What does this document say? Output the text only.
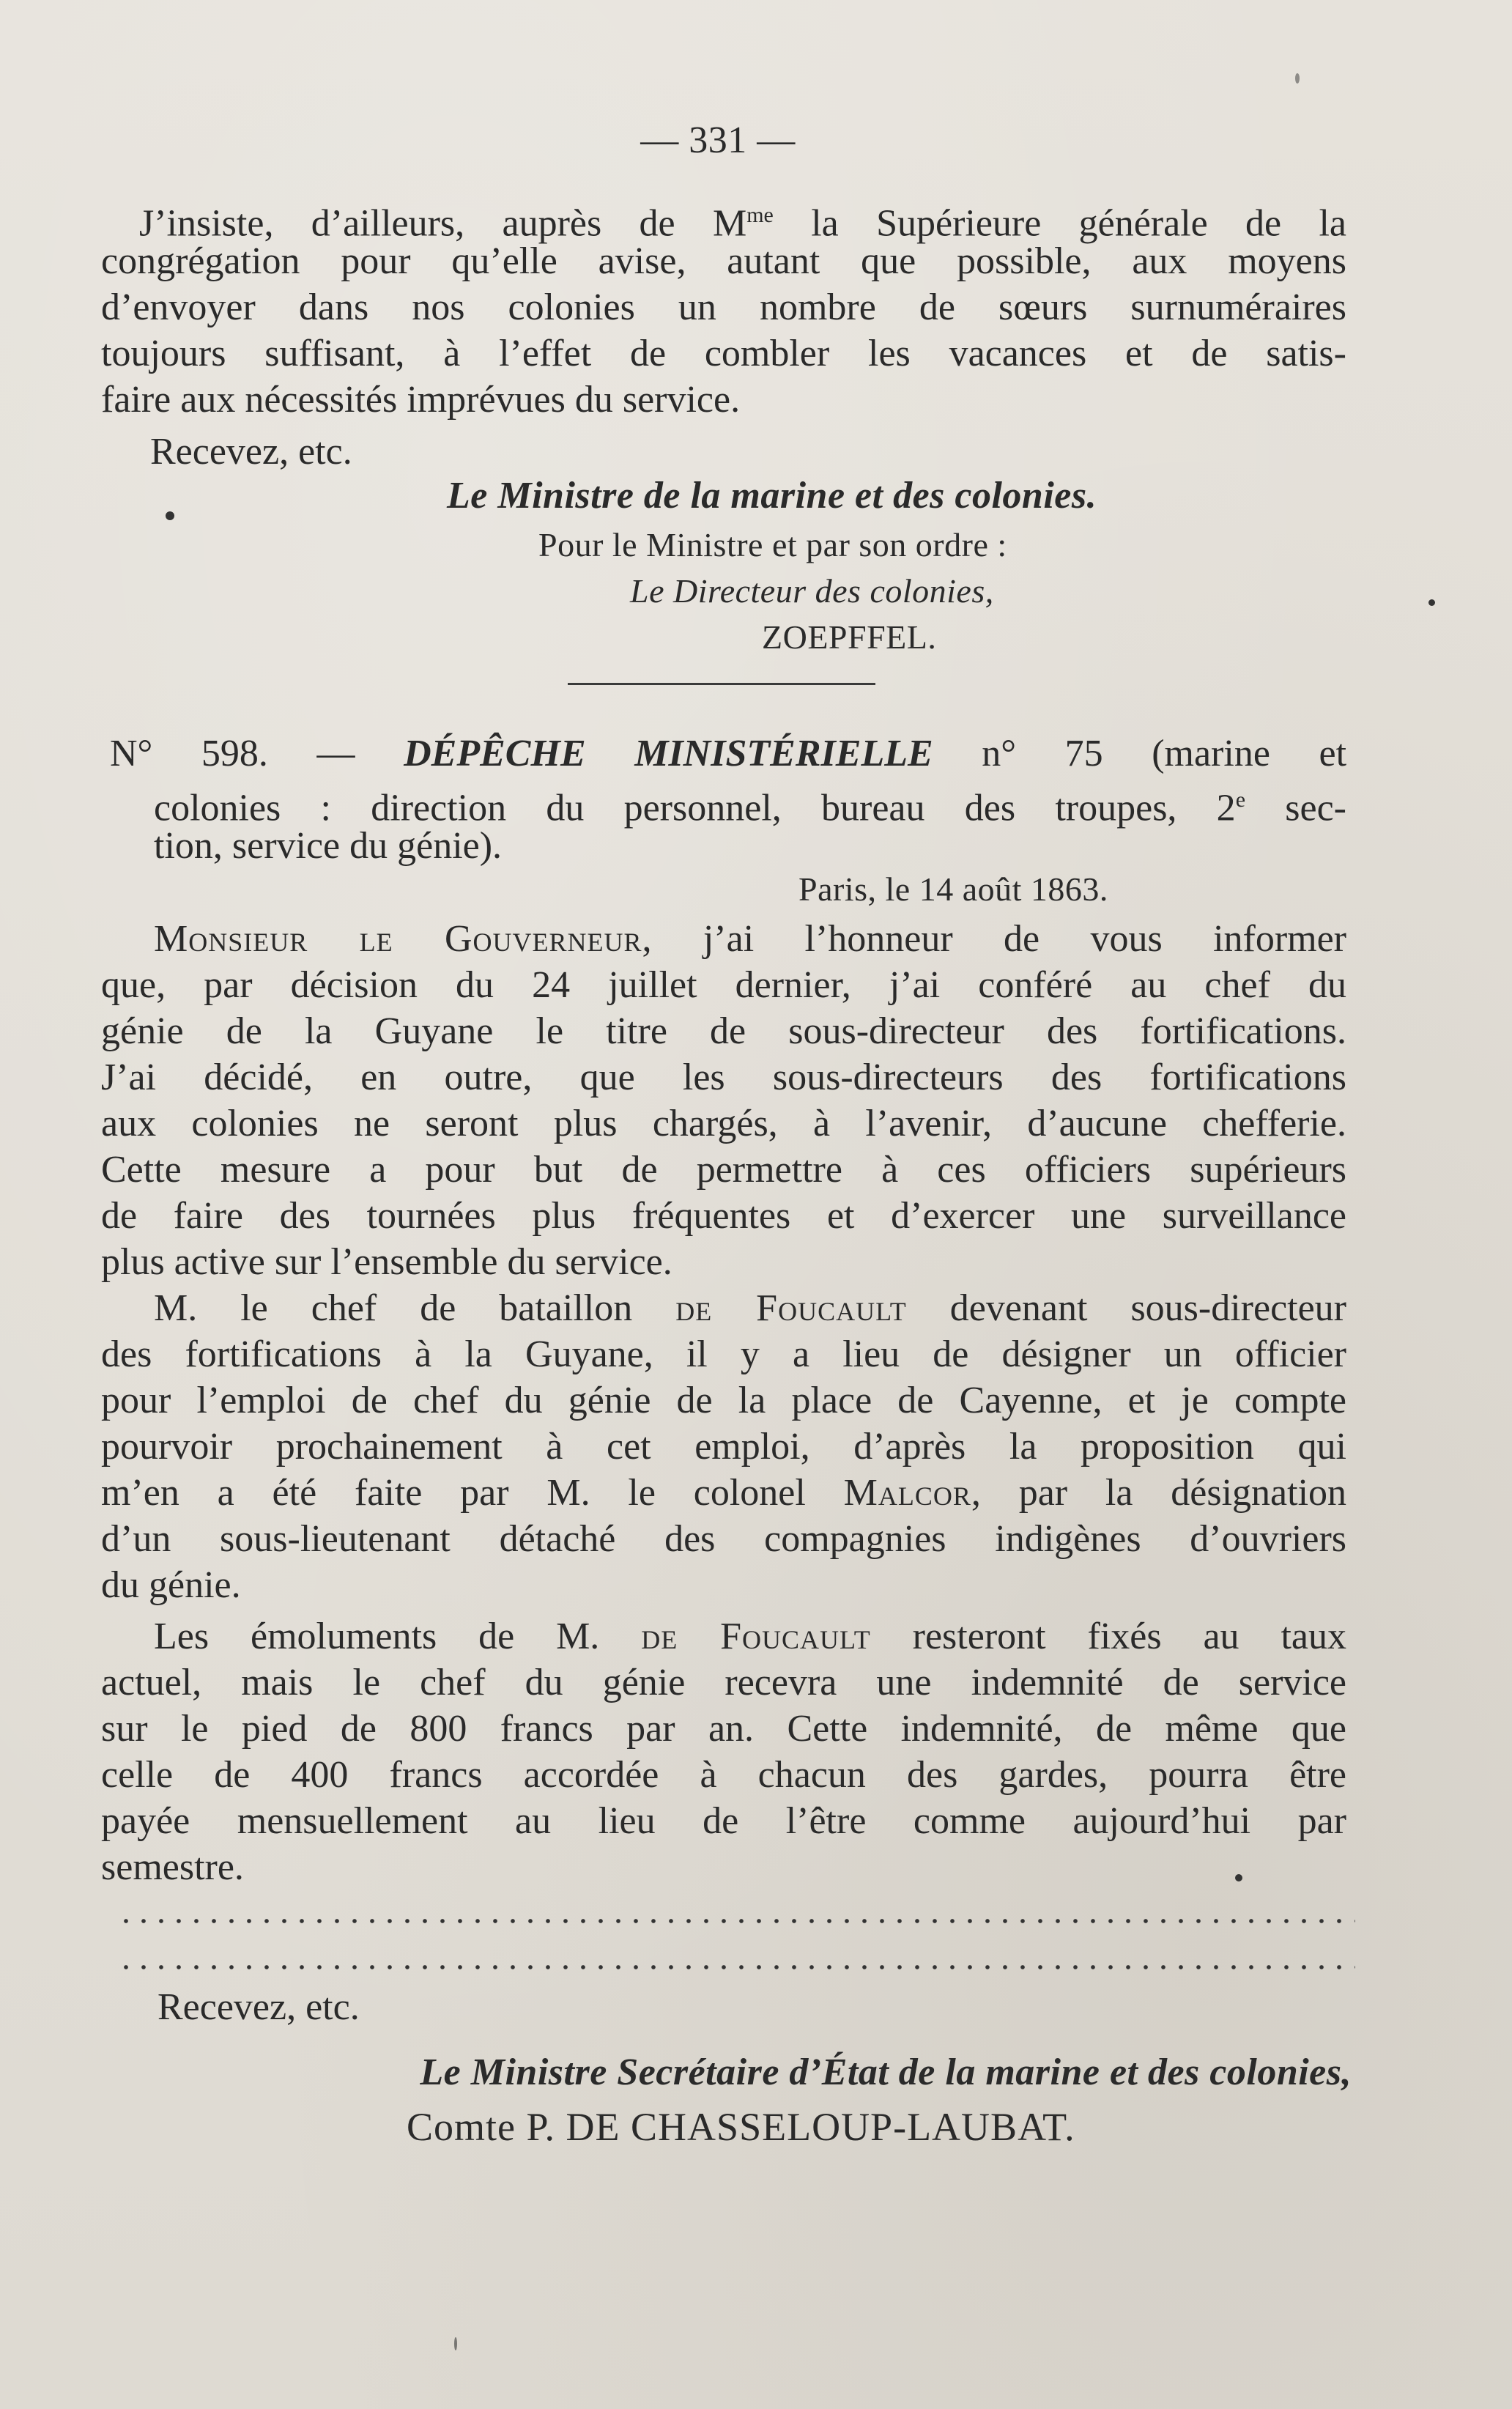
— 331 —
J’insiste, d’ailleurs, auprès de $M^{me}$ la Supérieure générale de la
congrégation pour qu’elle avise, autant que possible, aux moyens
d’envoyer dans nos colonies un nombre de sœurs surnuméraires
toujours suffisant, à l’effet de combler les vacances et de satis-
faire aux nécessités imprévues du service.
Recevez, etc.
Le Ministre de la marine et des colonies.
Pour le Ministre et par son ordre :
Le Directeur des colonies,
ZOEPFFEL.
N° 598. — DÉPÊCHE MINISTÉRIELLE n° 75 (marine et
colonies : direction du personnel, bureau des troupes, 2e sec-
tion, service du génie).
Paris, le 14 août 1863.
Monsieur le Gouverneur, j’ai l’honneur de vous informer
que, par décision du 24 juillet dernier, j’ai conféré au chef du
génie de la Guyane le titre de sous-directeur des fortifications.
J’ai décidé, en outre, que les sous-directeurs des fortifications
aux colonies ne seront plus chargés, à l’avenir, d’aucune chefferie.
Cette mesure a pour but de permettre à ces officiers supérieurs
de faire des tournées plus fréquentes et d’exercer une surveillance
plus active sur l’ensemble du service.
M. le chef de bataillon de Foucault devenant sous-directeur
des fortifications à la Guyane, il y a lieu de désigner un officier
pour l’emploi de chef du génie de la place de Cayenne, et je compte
pourvoir prochainement à cet emploi, d’après la proposition qui
m’en a été faite par M. le colonel Malcor, par la désignation
d’un sous-lieutenant détaché des compagnies indigènes d’ouvriers
du génie.
Les émoluments de M. de Foucault resteront fixés au taux
actuel, mais le chef du génie recevra une indemnité de service
sur le pied de 800 francs par an. Cette indemnité, de même que
celle de 400 francs accordée à chacun des gardes, pourra être
payée mensuellement au lieu de l’être comme aujourd’hui par
semestre.
Recevez, etc.
Le Ministre Secrétaire d’État de la marine et des colonies,
Comte P. DE CHASSELOUP-LAUBAT.
